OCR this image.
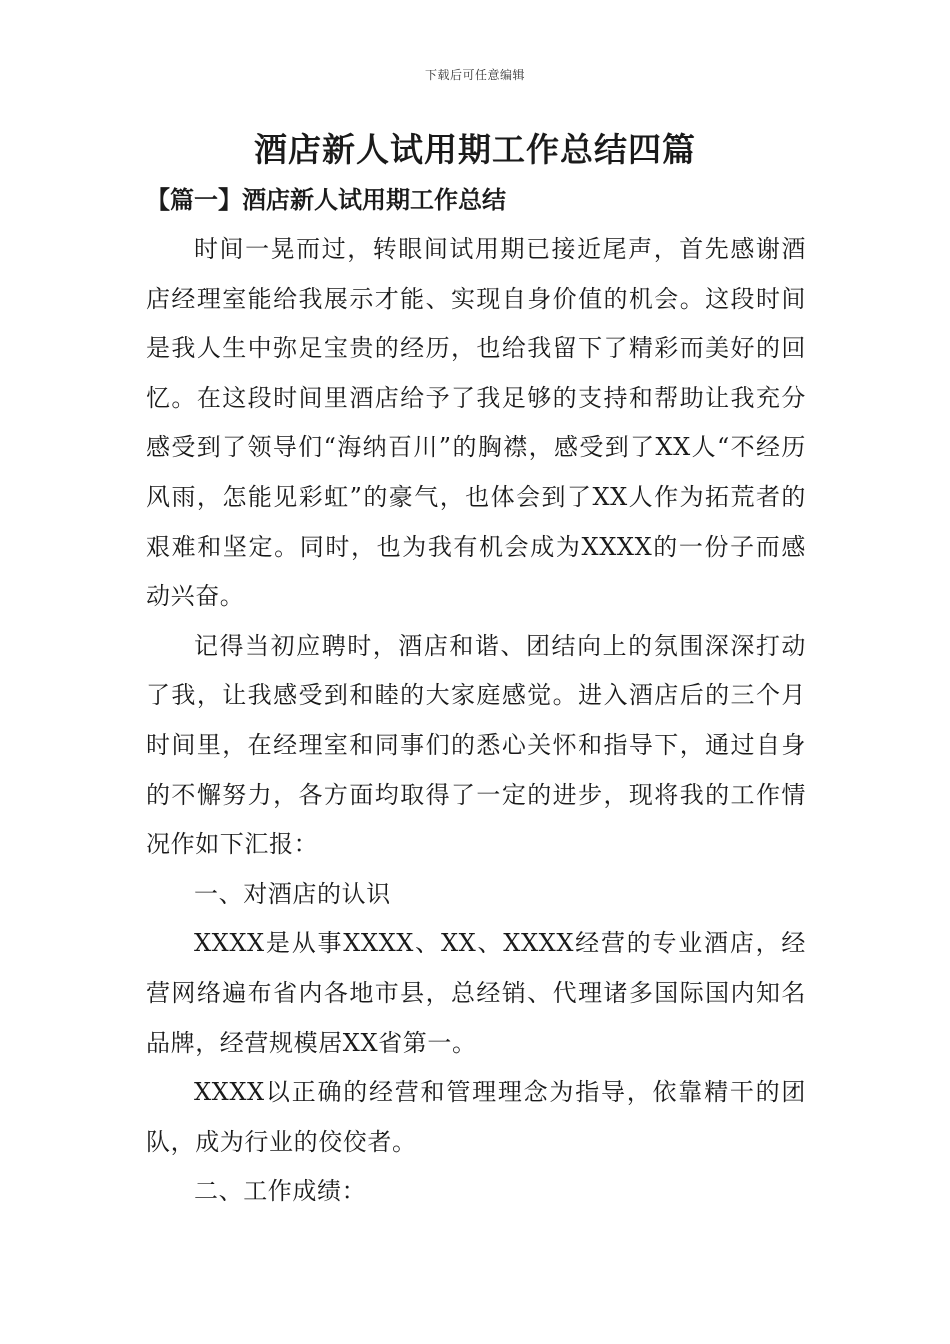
下载后可任意编辑
酒店新人试用期工作总结四篇
【篇一】酒店新人试用期工作总结

时间一晃而过，转眼间试用期已接近尾声，首先感谢酒店经理室能给我展示才能、实现自身价值的机会。这段时间是我人生中弥足宝贵的经历，也给我留下了精彩而美好的回忆。在这段时间里酒店给予了我足够的支持和帮助让我充分感受到了领导们“海纳百川”的胸襟，感受到了XX人“不经历风雨，怎能见彩虹”的豪气，也体会到了XX人作为拓荒者的艰难和坚定。同时，也为我有机会成为XXXX的一份子而感动兴奋。

记得当初应聘时，酒店和谐、团结向上的氛围深深打动了我，让我感受到和睦的大家庭感觉。进入酒店后的三个月时间里，在经理室和同事们的悉心关怀和指导下，通过自身的不懈努力，各方面均取得了一定的进步，现将我的工作情况作如下汇报：

一、对酒店的认识

XXXX是从事XXXX、XX、XXXX经营的专业酒店，经营网络遍布省内各地市县，总经销、代理诸多国际国内知名品牌，经营规模居XX省第一。

XXXX以正确的经营和管理理念为指导，依靠精干的团队，成为行业的佼佼者。

二、工作成绩：
